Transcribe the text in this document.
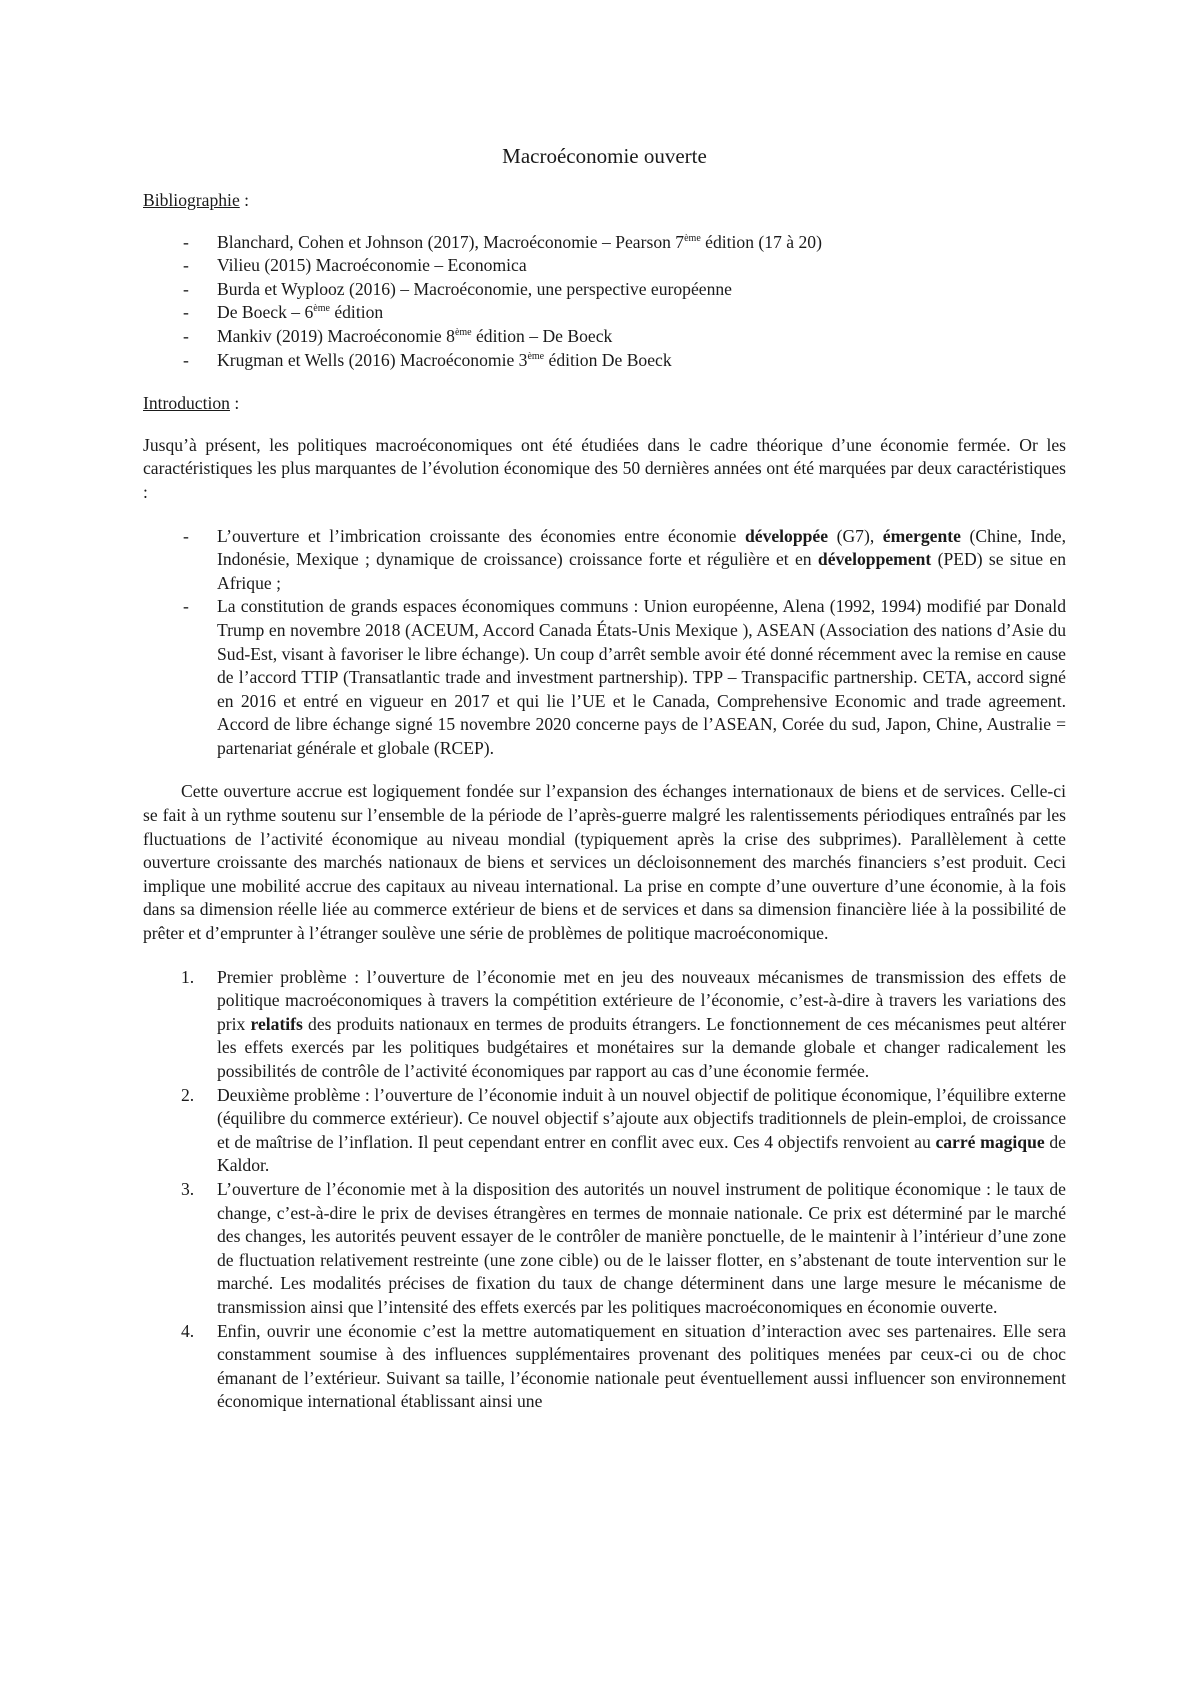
Macroéconomie ouverte

Bibliographie :

- Blanchard, Cohen et Johnson (2017), Macroéconomie – Pearson 7ème édition (17 à 20)
- Vilieu (2015) Macroéconomie – Economica
- Burda et Wyplooz (2016) – Macroéconomie, une perspective européenne
- De Boeck – 6ème édition
- Mankiv (2019) Macroéconomie 8ème édition – De Boeck
- Krugman et Wells (2016) Macroéconomie 3ème édition De Boeck

Introduction :

Jusqu’à présent, les politiques macroéconomiques ont été étudiées dans le cadre théorique d’une économie fermée. Or les caractéristiques les plus marquantes de l’évolution économique des 50 dernières années ont été marquées par deux caractéristiques :

- L’ouverture et l’imbrication croissante des économies entre économie développée (G7), émergente (Chine, Inde, Indonésie, Mexique ; dynamique de croissance) croissance forte et régulière et en développement (PED) se situe en Afrique ;
- La constitution de grands espaces économiques communs : Union européenne, Alena (1992, 1994) modifié par Donald Trump en novembre 2018 (ACEUM, Accord Canada États-Unis Mexique ), ASEAN (Association des nations d’Asie du Sud-Est, visant à favoriser le libre échange). Un coup d’arrêt semble avoir été donné récemment avec la remise en cause de l’accord TTIP (Transatlantic trade and investment partnership). TPP – Transpacific partnership. CETA, accord signé en 2016 et entré en vigueur en 2017 et qui lie l’UE et le Canada, Comprehensive Economic and trade agreement. Accord de libre échange signé 15 novembre 2020 concerne pays de l’ASEAN, Corée du sud, Japon, Chine, Australie = partenariat générale et globale (RCEP).

Cette ouverture accrue est logiquement fondée sur l’expansion des échanges internationaux de biens et de services. Celle-ci se fait à un rythme soutenu sur l’ensemble de la période de l’après-guerre malgré les ralentissements périodiques entraînés par les fluctuations de l’activité économique au niveau mondial (typiquement après la crise des subprimes). Parallèlement à cette ouverture croissante des marchés nationaux de biens et services un décloisonnement des marchés financiers s’est produit. Ceci implique une mobilité accrue des capitaux au niveau international. La prise en compte d’une ouverture d’une économie, à la fois dans sa dimension réelle liée au commerce extérieur de biens et de services et dans sa dimension financière liée à la possibilité de prêter et d’emprunter à l’étranger soulève une série de problèmes de politique macroéconomique.

1. Premier problème : l’ouverture de l’économie met en jeu des nouveaux mécanismes de transmission des effets de politique macroéconomiques à travers la compétition extérieure de l’économie, c’est-à-dire à travers les variations des prix relatifs des produits nationaux en termes de produits étrangers. Le fonctionnement de ces mécanismes peut altérer les effets exercés par les politiques budgétaires et monétaires sur la demande globale et changer radicalement les possibilités de contrôle de l’activité économiques par rapport au cas d’une économie fermée.
2. Deuxième problème : l’ouverture de l’économie induit à un nouvel objectif de politique économique, l’équilibre externe (équilibre du commerce extérieur). Ce nouvel objectif s’ajoute aux objectifs traditionnels de plein-emploi, de croissance et de maîtrise de l’inflation. Il peut cependant entrer en conflit avec eux. Ces 4 objectifs renvoient au carré magique de Kaldor.
3. L’ouverture de l’économie met à la disposition des autorités un nouvel instrument de politique économique : le taux de change, c’est-à-dire le prix de devises étrangères en termes de monnaie nationale. Ce prix est déterminé par le marché des changes, les autorités peuvent essayer de le contrôler de manière ponctuelle, de le maintenir à l’intérieur d’une zone de fluctuation relativement restreinte (une zone cible) ou de le laisser flotter, en s’abstenant de toute intervention sur le marché. Les modalités précises de fixation du taux de change déterminent dans une large mesure le mécanisme de transmission ainsi que l’intensité des effets exercés par les politiques macroéconomiques en économie ouverte.
4. Enfin, ouvrir une économie c’est la mettre automatiquement en situation d’interaction avec ses partenaires. Elle sera constamment soumise à des influences supplémentaires provenant des politiques menées par ceux-ci ou de choc émanant de l’extérieur. Suivant sa taille, l’économie nationale peut éventuellement aussi influencer son environnement économique international établissant ainsi une
